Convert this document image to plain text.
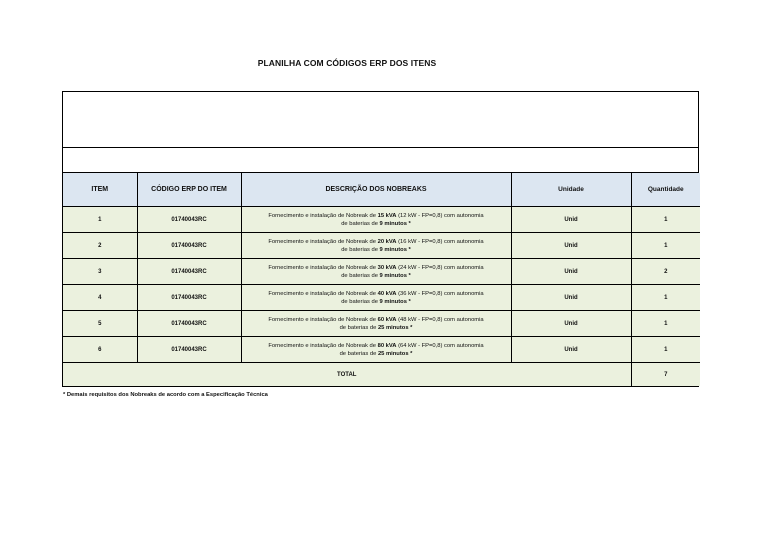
PLANILHA COM CÓDIGOS ERP DOS ITENS
ITEM	CÓDIGO ERP DO ITEM	DESCRIÇÃO DOS NOBREAKS	Unidade	Quantidade
1	01740043RC	Fornecimento e instalação de Nobreak de 15 kVA (12 kW - FP=0,8) com autonomia
de baterias de 9 minutos *	Unid	1
2	01740043RC	Fornecimento e instalação de Nobreak de 20 kVA (16 kW - FP=0,8) com autonomia
de baterias de 9 minutos *	Unid	1
3	01740043RC	Fornecimento e instalação de Nobreak de 30 kVA (24 kW - FP=0,8) com autonomia
de baterias de 9 minutos *	Unid	2
4	01740043RC	Fornecimento e instalação de Nobreak de 40 kVA (36 kW - FP=0,8) com autonomia
de baterias de 9 minutos *	Unid	1
5	01740043RC	Fornecimento e instalação de Nobreak de 60 kVA (48 kW - FP=0,8) com autonomia
de baterias de 25 minutos *	Unid	1
6	01740043RC	Fornecimento e instalação de Nobreak de 80 kVA (64 kW - FP=0,8) com autonomia
de baterias de 25 minutos *	Unid	1
TOTAL				7
* Demais requisitos dos Nobreaks de acordo com a Especificação Técnica
